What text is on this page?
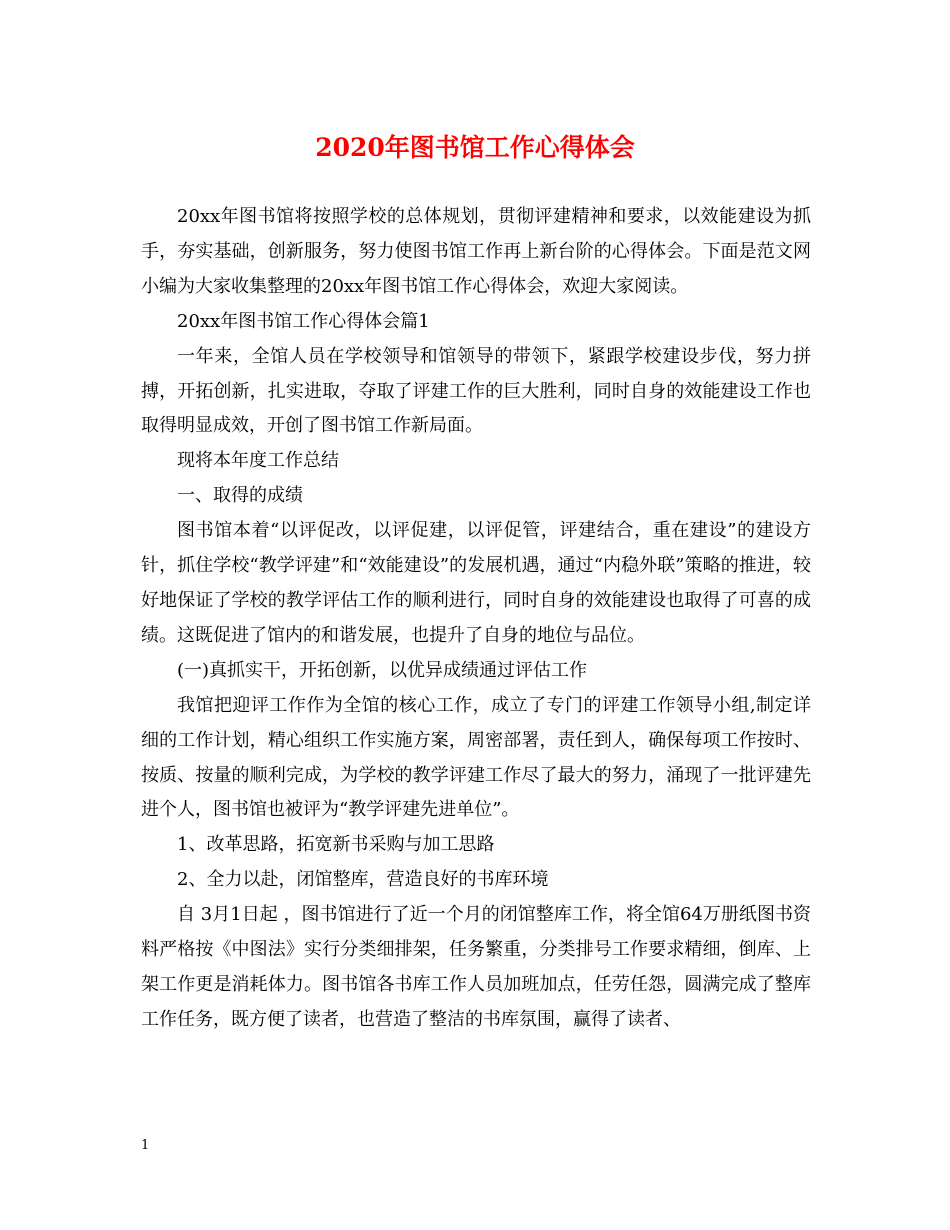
2020年图书馆工作心得体会

20xx年图书馆将按照学校的总体规划，贯彻评建精神和要求，以效能建设为抓手，夯实基础，创新服务，努力使图书馆工作再上新台阶的心得体会。下面是范文网小编为大家收集整理的20xx年图书馆工作心得体会，欢迎大家阅读。

20xx年图书馆工作心得体会篇1

一年来，全馆人员在学校领导和馆领导的带领下，紧跟学校建设步伐，努力拼搏，开拓创新，扎实进取，夺取了评建工作的巨大胜利，同时自身的效能建设工作也取得明显成效，开创了图书馆工作新局面。

现将本年度工作总结

一、取得的成绩

图书馆本着“以评促改，以评促建，以评促管，评建结合，重在建设”的建设方针，抓住学校“教学评建”和“效能建设”的发展机遇，通过“内稳外联”策略的推进，较好地保证了学校的教学评估工作的顺利进行，同时自身的效能建设也取得了可喜的成绩。这既促进了馆内的和谐发展，也提升了自身的地位与品位。

(一)真抓实干，开拓创新，以优异成绩通过评估工作

我馆把迎评工作作为全馆的核心工作，成立了专门的评建工作领导小组,制定详细的工作计划，精心组织工作实施方案，周密部署，责任到人，确保每项工作按时、按质、按量的顺利完成，为学校的教学评建工作尽了最大的努力，涌现了一批评建先进个人，图书馆也被评为“教学评建先进单位”。

1、改革思路，拓宽新书采购与加工思路

2、全力以赴，闭馆整库，营造良好的书库环境

自 3月1日起 ，图书馆进行了近一个月的闭馆整库工作，将全馆64万册纸图书资料严格按《中图法》实行分类细排架，任务繁重，分类排号工作要求精细，倒库、上架工作更是消耗体力。图书馆各书库工作人员加班加点，任劳任怨，圆满完成了整库工作任务，既方便了读者，也营造了整洁的书库氛围，赢得了读者、

1
